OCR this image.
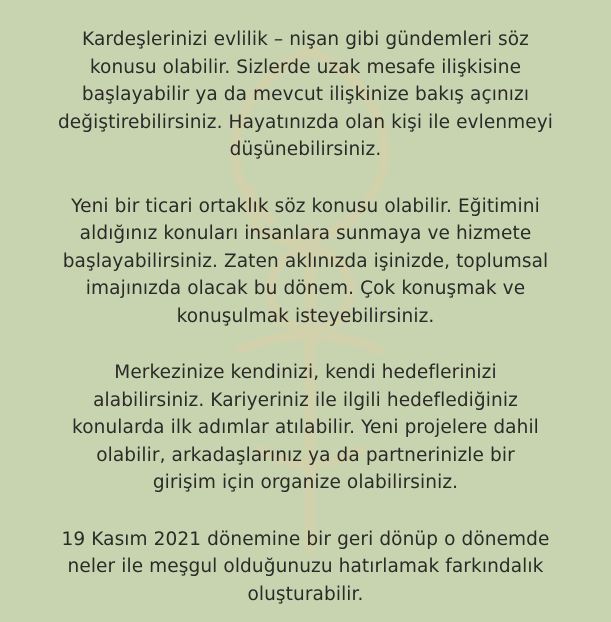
Kardeşlerinizi evlilik – nişan gibi gündemleri söz
konusu olabilir. Sizlerde uzak mesafe ilişkisine
başlayabilir ya da mevcut ilişkinize bakış açınızı
değiştirebilirsiniz. Hayatınızda olan kişi ile evlenmeyi
düşünebilirsiniz.

Yeni bir ticari ortaklık söz konusu olabilir. Eğitimini
aldığınız konuları insanlara sunmaya ve hizmete
başlayabilirsiniz. Zaten aklınızda işinizde, toplumsal
imajınızda olacak bu dönem. Çok konuşmak ve
konuşulmak isteyebilirsiniz.

Merkezinize kendinizi, kendi hedeflerinizi
alabilirsiniz. Kariyeriniz ile ilgili hedeflediğiniz
konularda ilk adımlar atılabilir. Yeni projelere dahil
olabilir, arkadaşlarınız ya da partnerinizle bir
girişim için organize olabilirsiniz.

19 Kasım 2021 dönemine bir geri dönüp o dönemde
neler ile meşgul olduğunuzu hatırlamak farkındalık
oluşturabilir.
